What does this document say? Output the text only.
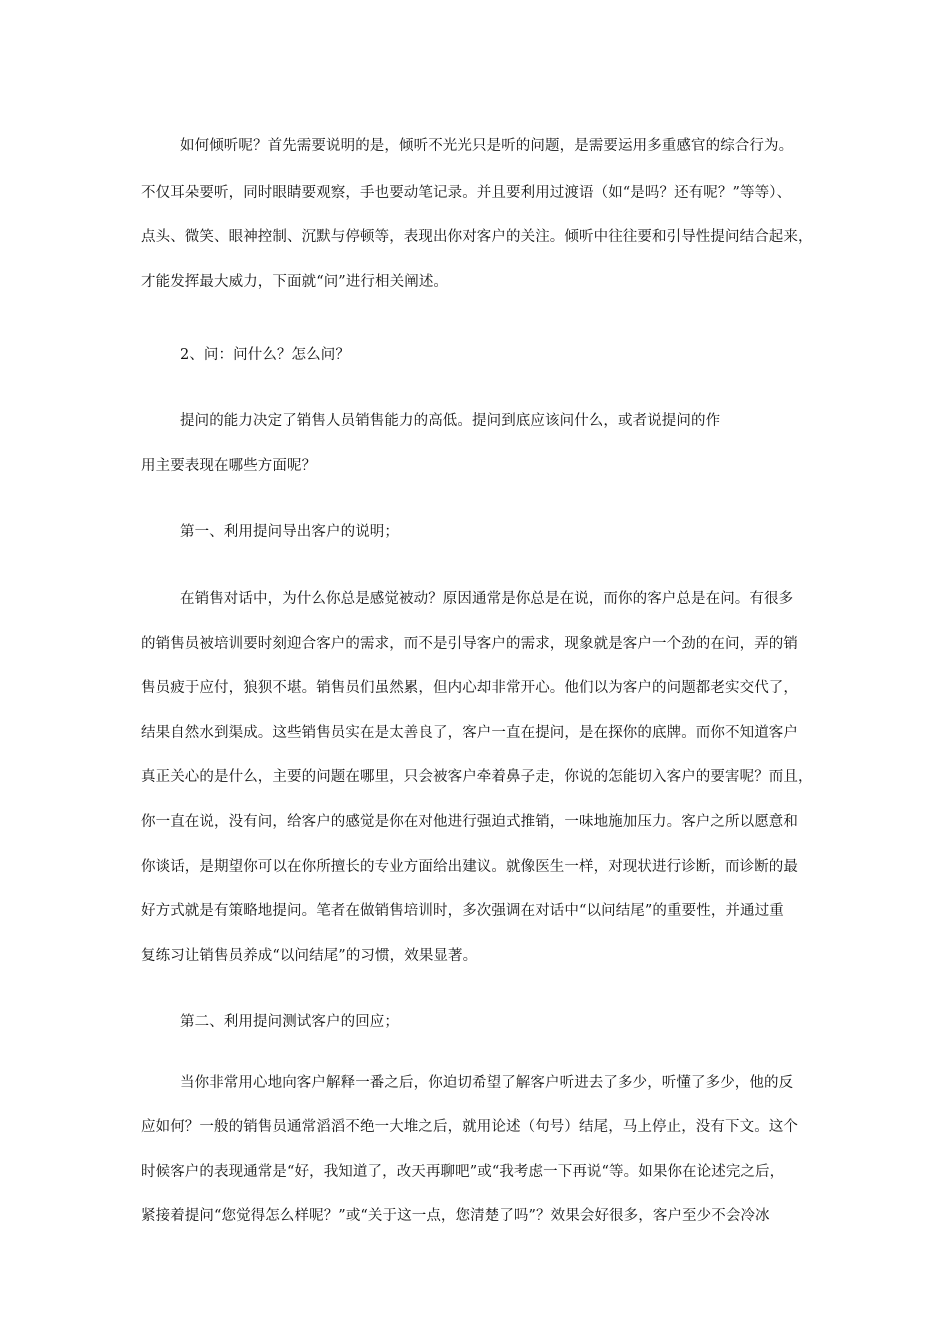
如何倾听呢？首先需要说明的是，倾听不光光只是听的问题，是需要运用多重感官的综合行为。
不仅耳朵要听，同时眼睛要观察，手也要动笔记录。并且要利用过渡语（如“是吗？还有呢？”等等）、
点头、微笑、眼神控制、沉默与停顿等，表现出你对客户的关注。倾听中往往要和引导性提问结合起来，
才能发挥最大威力，下面就“问”进行相关阐述。
2、问：问什么？怎么问？
提问的能力决定了销售人员销售能力的高低。提问到底应该问什么，或者说提问的作
用主要表现在哪些方面呢？
第一、利用提问导出客户的说明；
在销售对话中，为什么你总是感觉被动？原因通常是你总是在说，而你的客户总是在问。有很多
的销售员被培训要时刻迎合客户的需求，而不是引导客户的需求，现象就是客户一个劲的在问，弄的销
售员疲于应付，狼狈不堪。销售员们虽然累，但内心却非常开心。他们以为客户的问题都老实交代了，
结果自然水到渠成。这些销售员实在是太善良了，客户一直在提问，是在探你的底牌。而你不知道客户
真正关心的是什么，主要的问题在哪里，只会被客户牵着鼻子走，你说的怎能切入客户的要害呢？而且，
你一直在说，没有问，给客户的感觉是你在对他进行强迫式推销，一味地施加压力。客户之所以愿意和
你谈话，是期望你可以在你所擅长的专业方面给出建议。就像医生一样，对现状进行诊断，而诊断的最
好方式就是有策略地提问。笔者在做销售培训时，多次强调在对话中“以问结尾”的重要性，并通过重
复练习让销售员养成“以问结尾”的习惯，效果显著。
第二、利用提问测试客户的回应；
当你非常用心地向客户解释一番之后，你迫切希望了解客户听进去了多少，听懂了多少，他的反
应如何？一般的销售员通常滔滔不绝一大堆之后，就用论述（句号）结尾，马上停止，没有下文。这个
时候客户的表现通常是“好，我知道了，改天再聊吧”或“我考虑一下再说“等。如果你在论述完之后，
紧接着提问“您觉得怎么样呢？”或“关于这一点，您清楚了吗”？效果会好很多，客户至少不会冷冰
